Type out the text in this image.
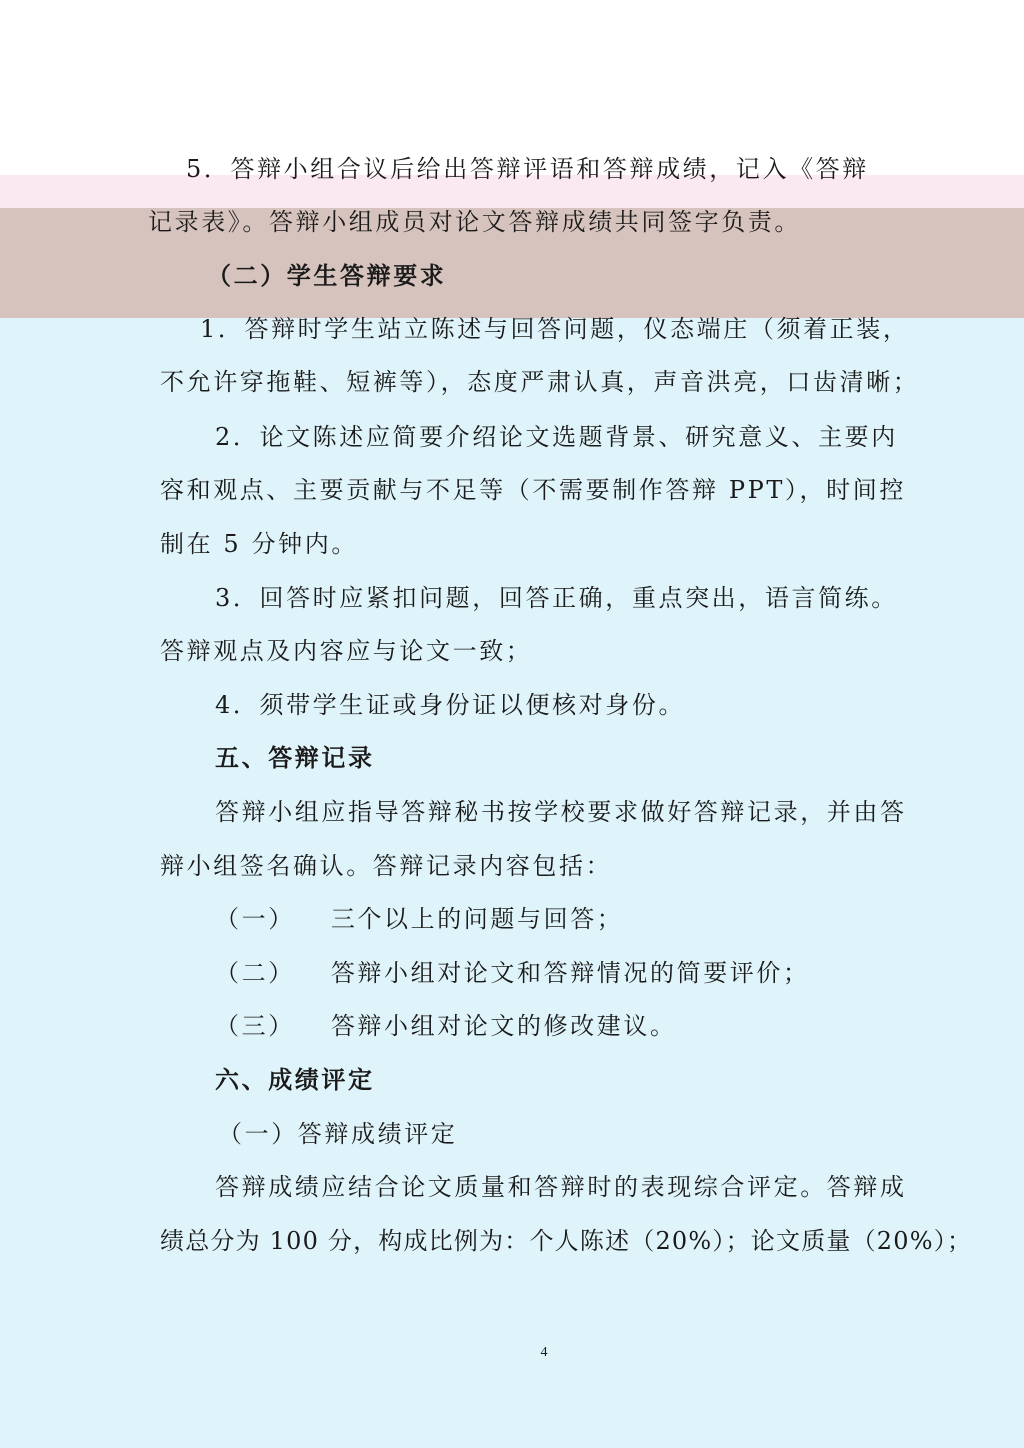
5．答辩小组合议后给出答辩评语和答辩成绩，记入《答辩
记录表》。答辩小组成员对论文答辩成绩共同签字负责。
（二）学生答辩要求
1．答辩时学生站立陈述与回答问题，仪态端庄（须着正装，
不允许穿拖鞋、短裤等），态度严肃认真，声音洪亮，口齿清晰；
2．论文陈述应简要介绍论文选题背景、研究意义、主要内
容和观点、主要贡献与不足等（不需要制作答辩 PPT），时间控
制在 5 分钟内。
3．回答时应紧扣问题，回答正确，重点突出，语言简练。
答辩观点及内容应与论文一致；
4．须带学生证或身份证以便核对身份。
五、答辩记录
答辩小组应指导答辩秘书按学校要求做好答辩记录，并由答
辩小组签名确认。答辩记录内容包括：
（一） 三个以上的问题与回答；
（二） 答辩小组对论文和答辩情况的简要评价；
（三） 答辩小组对论文的修改建议。
六、成绩评定
（一）答辩成绩评定
答辩成绩应结合论文质量和答辩时的表现综合评定。答辩成
绩总分为 100 分，构成比例为：个人陈述（20%）；论文质量（20%）；
4
